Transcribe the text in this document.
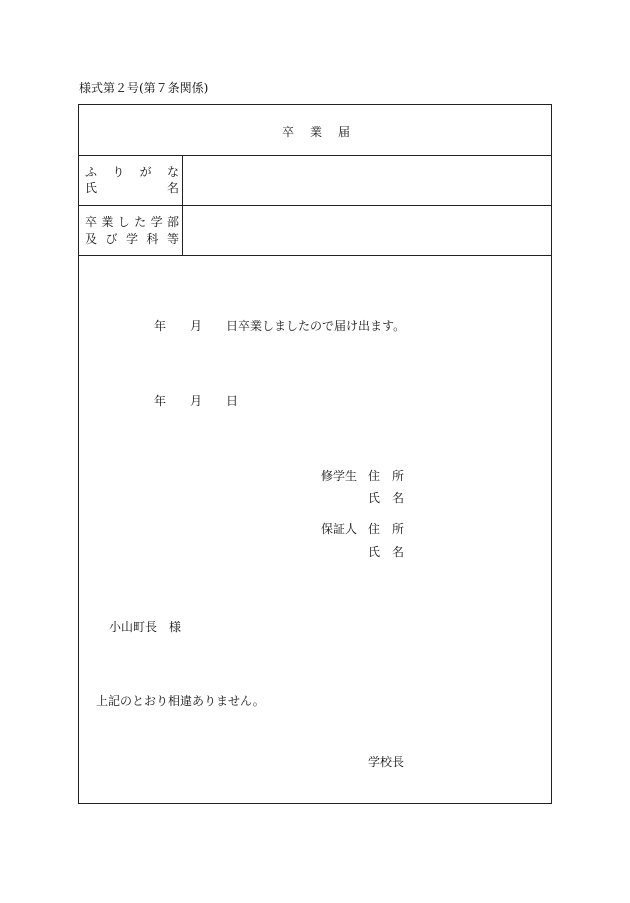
様式第２号(第７条関係)
卒業届
ふ り が な
氏	名
卒 業 し た 学 部
及 び 学 科 等
年 月 日卒業しましたので届け出ます。
年 月 日
修学生 住　所
氏　名
保証人 住　所
氏　名
小山町長　様
上記のとおり相違ありません。
学校長
